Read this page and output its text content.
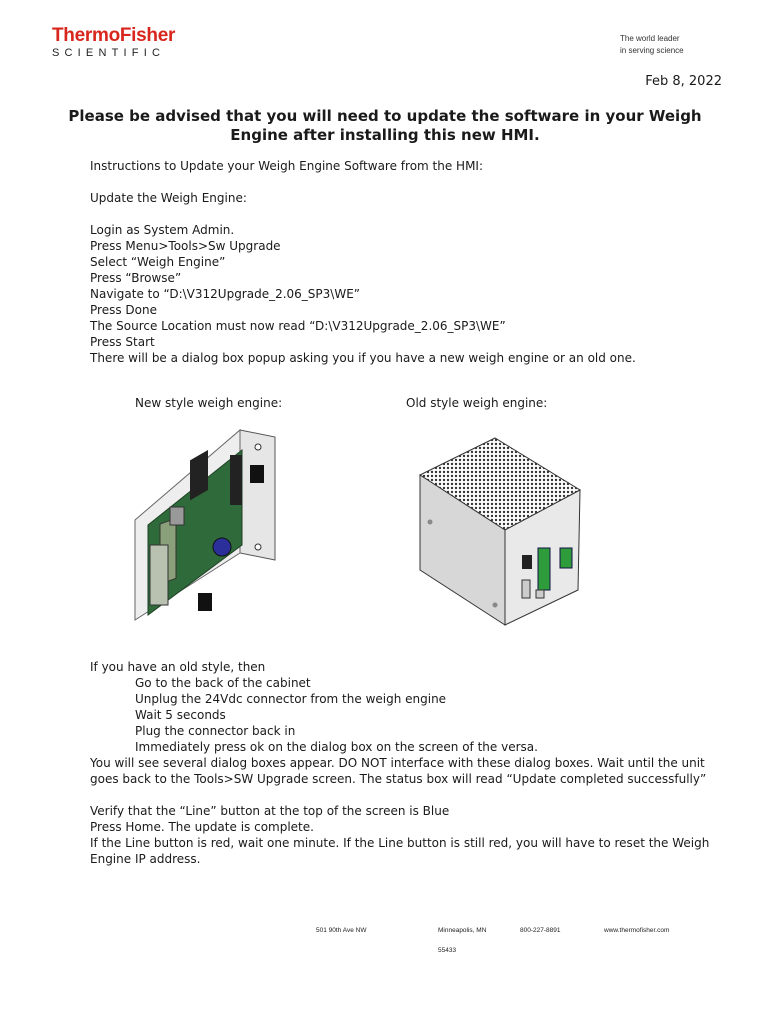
ThermoFisher
SCIENTIFIC
The world leader
in serving science
Feb 8, 2022
Please be advised that you will need to update the software in your Weigh Engine after installing this new HMI.

Instructions to Update your Weigh Engine Software from the HMI:

Update the Weigh Engine:

Login as System Admin.

Press Menu>Tools>Sw Upgrade

Select “Weigh Engine”

Press “Browse”

Navigate to “D:\V312Upgrade_2.06_SP3\WE”

Press Done

The Source Location must now read “D:\V312Upgrade_2.06_SP3\WE”

Press Start

There will be a dialog box popup asking you if you have a new weigh engine or an old one.

New style weigh engine:	Old style weigh engine:

If you have an old style, then

Go to the back of the cabinet

Unplug the 24Vdc connector from the weigh engine

Wait 5 seconds

Plug the connector back in

Immediately press ok on the dialog box on the screen of the versa.

You will see several dialog boxes appear. DO NOT interface with these dialog boxes. Wait until the unit goes back to the Tools>SW Upgrade screen. The status box will read “Update completed successfully”

Verify that the “Line” button at the top of the screen is Blue

Press Home. The update is complete.

If the Line button is red, wait one minute. If the Line button is still red, you will have to reset the Weigh Engine IP address.

501 90th Ave NW	Minneapolis, MN
55433
800-227-8891	www.thermofisher.com
